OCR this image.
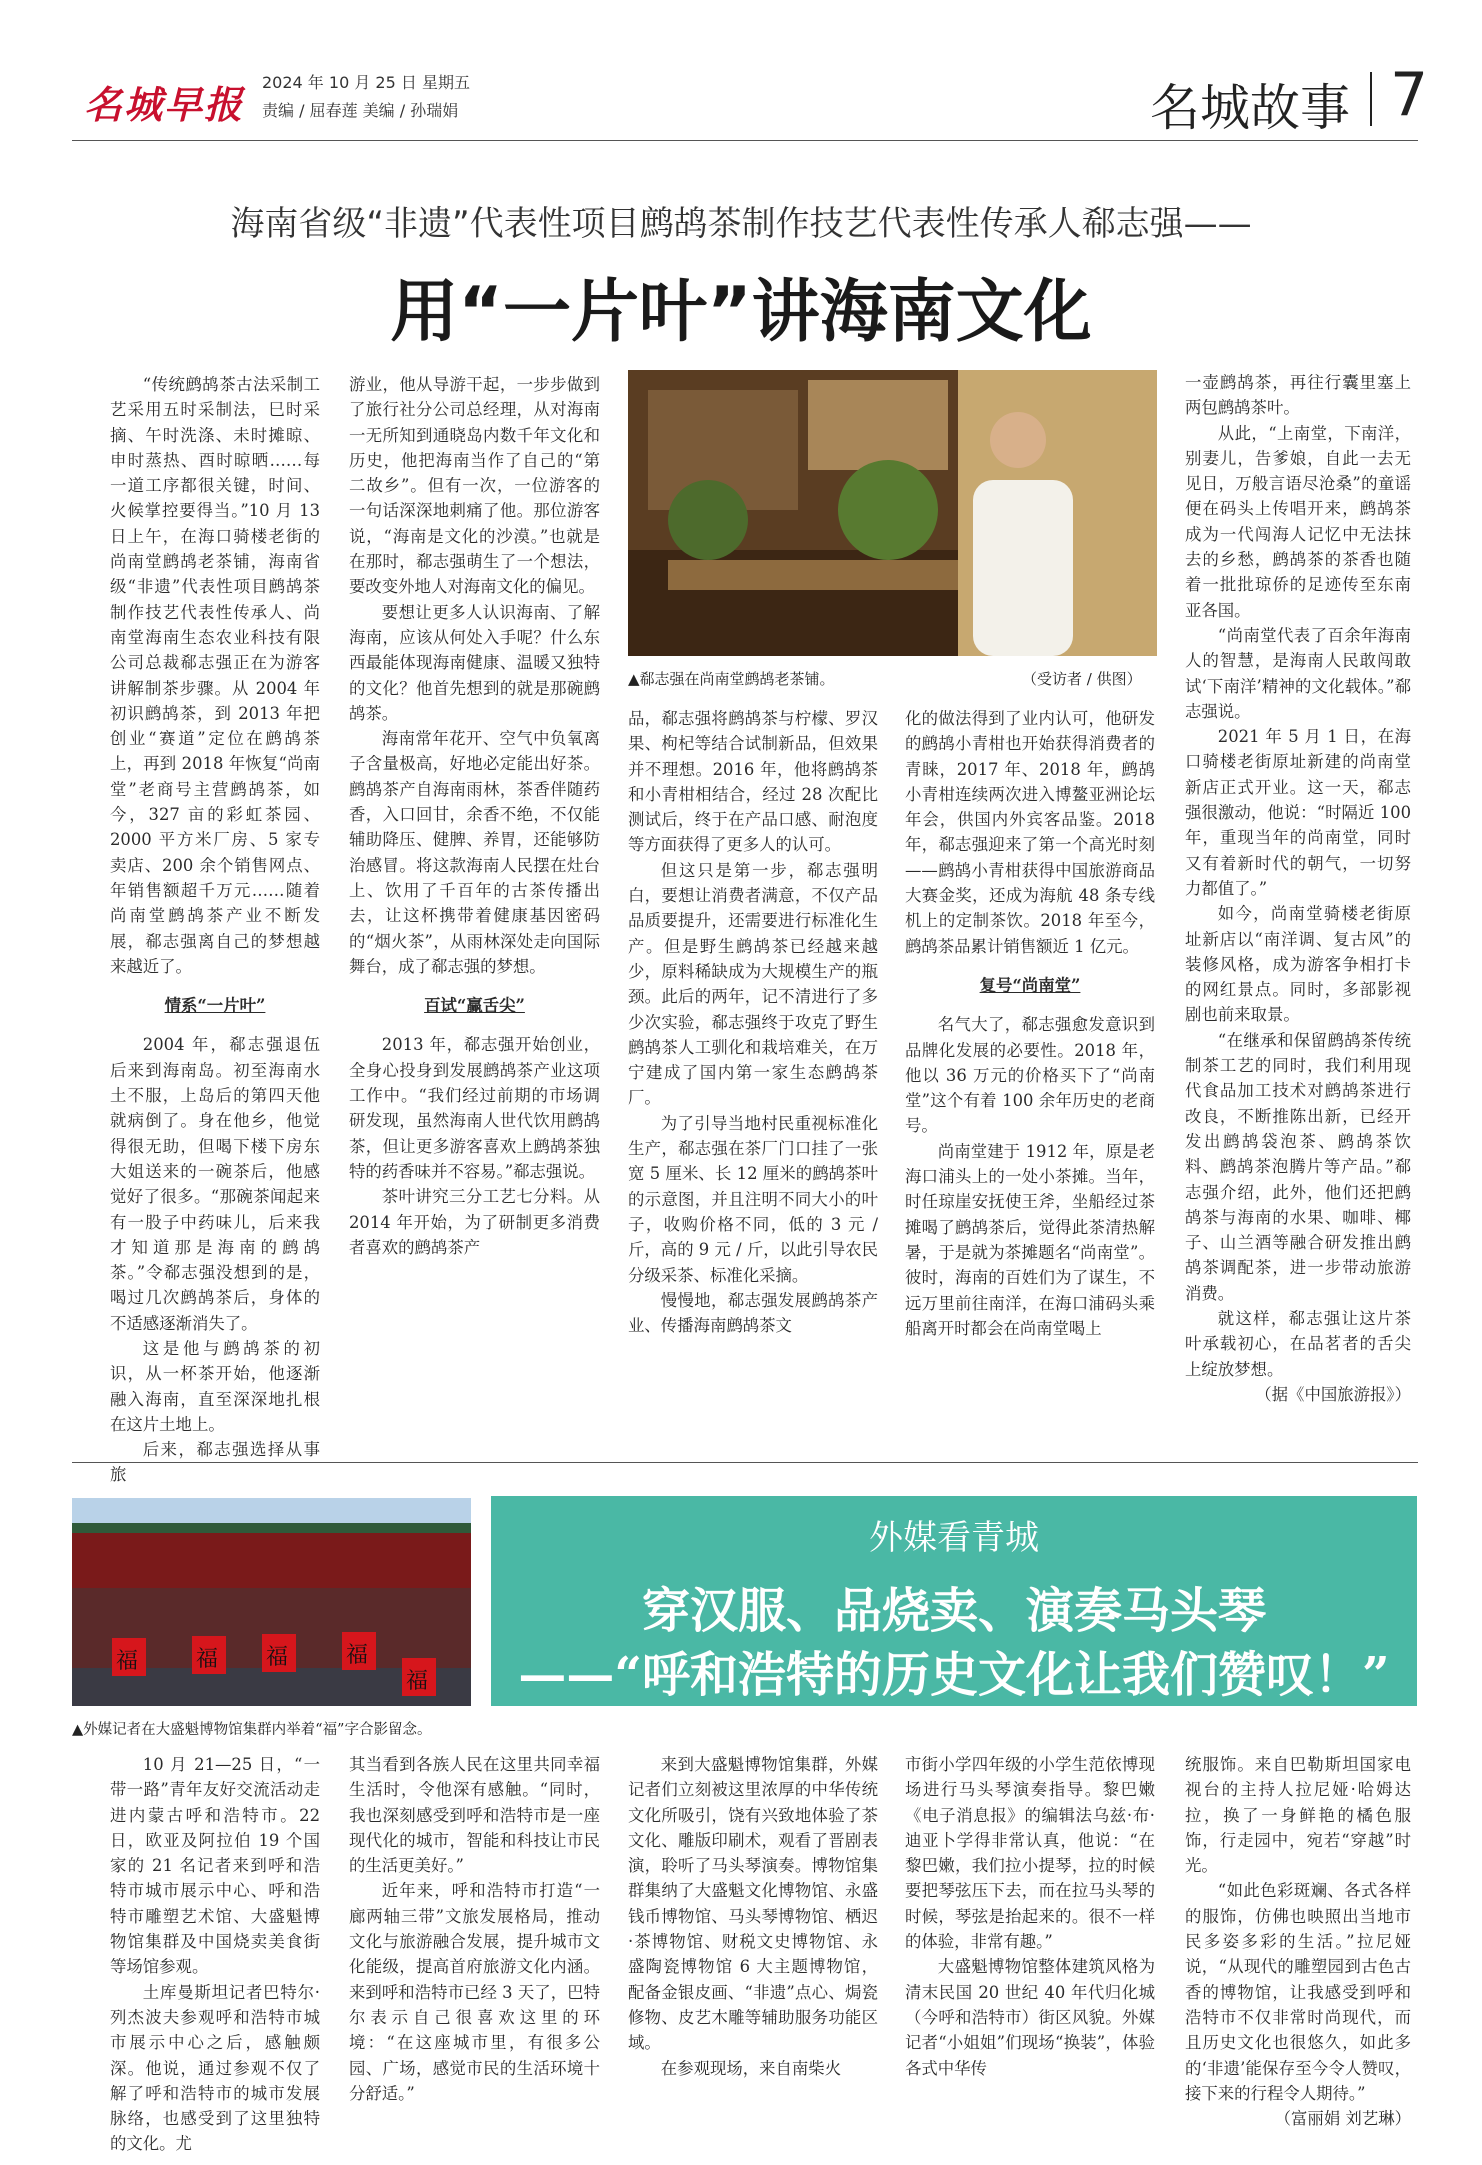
名城早报
2024 年 10 月 25 日 星期五
责编 / 屈春莲 美编 / 孙瑞娟	名城故事 7
海南省级“非遗”代表性项目鹧鸪茶制作技艺代表性传承人郗志强——
用“一片叶”讲海南文化
▲郗志强在尚南堂鹧鸪老茶铺。	（受访者 / 供图）

“传统鹧鸪茶古法采制工艺采用五时采制法，巳时采摘、午时洗涤、未时摊晾、申时蒸热、酉时晾晒……每一道工序都很关键，时间、火候掌控要得当。”10 月 13 日上午，在海口骑楼老街的尚南堂鹧鸪老茶铺，海南省级“非遗”代表性项目鹧鸪茶制作技艺代表性传承人、尚南堂海南生态农业科技有限公司总裁郗志强正在为游客讲解制茶步骤。从 2004 年初识鹧鸪茶，到 2013 年把创业“赛道”定位在鹧鸪茶上，再到 2018 年恢复“尚南堂”老商号主营鹧鸪茶，如今，327 亩的彩虹茶园、2000 平方米厂房、5 家专卖店、200 余个销售网点、年销售额超千万元……随着尚南堂鹧鸪茶产业不断发展，郗志强离自己的梦想越来越近了。

情系“一片叶”

2004 年，郗志强退伍后来到海南岛。初至海南水土不服，上岛后的第四天他就病倒了。身在他乡，他觉得很无助，但喝下楼下房东大姐送来的一碗茶后，他感觉好了很多。“那碗茶闻起来有一股子中药味儿，后来我才知道那是海南的鹧鸪茶。”令郗志强没想到的是，喝过几次鹧鸪茶后，身体的不适感逐渐消失了。

这是他与鹧鸪茶的初识，从一杯茶开始，他逐渐融入海南，直至深深地扎根在这片土地上。

后来，郗志强选择从事旅

游业，他从导游干起，一步步做到了旅行社分公司总经理，从对海南一无所知到通晓岛内数千年文化和历史，他把海南当作了自己的“第二故乡”。但有一次，一位游客的一句话深深地刺痛了他。那位游客说，“海南是文化的沙漠。”也就是在那时，郗志强萌生了一个想法，要改变外地人对海南文化的偏见。

要想让更多人认识海南、了解海南，应该从何处入手呢？什么东西最能体现海南健康、温暖又独特的文化？他首先想到的就是那碗鹧鸪茶。

海南常年花开、空气中负氧离子含量极高，好地必定能出好茶。鹧鸪茶产自海南雨林，茶香伴随药香，入口回甘，余香不绝，不仅能辅助降压、健脾、养胃，还能够防治感冒。将这款海南人民摆在灶台上、饮用了千百年的古茶传播出去，让这杯携带着健康基因密码的“烟火茶”，从雨林深处走向国际舞台，成了郗志强的梦想。

百试“赢舌尖”

2013 年，郗志强开始创业，全身心投身到发展鹧鸪茶产业这项工作中。“我们经过前期的市场调研发现，虽然海南人世代饮用鹧鸪茶，但让更多游客喜欢上鹧鸪茶独特的药香味并不容易。”郗志强说。

茶叶讲究三分工艺七分料。从 2014 年开始，为了研制更多消费者喜欢的鹧鸪茶产

品，郗志强将鹧鸪茶与柠檬、罗汉果、枸杞等结合试制新品，但效果并不理想。2016 年，他将鹧鸪茶和小青柑相结合，经过 28 次配比测试后，终于在产品口感、耐泡度等方面获得了更多人的认可。

但这只是第一步，郗志强明白，要想让消费者满意，不仅产品品质要提升，还需要进行标准化生产。但是野生鹧鸪茶已经越来越少，原料稀缺成为大规模生产的瓶颈。此后的两年，记不清进行了多少次实验，郗志强终于攻克了野生鹧鸪茶人工驯化和栽培难关，在万宁建成了国内第一家生态鹧鸪茶厂。

为了引导当地村民重视标准化生产，郗志强在茶厂门口挂了一张宽 5 厘米、长 12 厘米的鹧鸪茶叶的示意图，并且注明不同大小的叶子，收购价格不同，低的 3 元 / 斤，高的 9 元 / 斤，以此引导农民分级采茶、标准化采摘。

慢慢地，郗志强发展鹧鸪茶产业、传播海南鹧鸪茶文

化的做法得到了业内认可，他研发的鹧鸪小青柑也开始获得消费者的青睐，2017 年、2018 年，鹧鸪小青柑连续两次进入博鳌亚洲论坛年会，供国内外宾客品鉴。2018 年，郗志强迎来了第一个高光时刻——鹧鸪小青柑获得中国旅游商品大赛金奖，还成为海航 48 条专线机上的定制茶饮。2018 年至今，鹧鸪茶品累计销售额近 1 亿元。

复号“尚南堂”

名气大了，郗志强愈发意识到品牌化发展的必要性。2018 年，他以 36 万元的价格买下了“尚南堂”这个有着 100 余年历史的老商号。

尚南堂建于 1912 年，原是老海口浦头上的一处小茶摊。当年，时任琼崖安抚使王斧，坐船经过茶摊喝了鹧鸪茶后，觉得此茶清热解暑，于是就为茶摊题名“尚南堂”。彼时，海南的百姓们为了谋生，不远万里前往南洋，在海口浦码头乘船离开时都会在尚南堂喝上

一壶鹧鸪茶，再往行囊里塞上两包鹧鸪茶叶。

从此，“上南堂，下南洋，别妻儿，告爹娘，自此一去无见日，万般言语尽沧桑”的童谣便在码头上传唱开来，鹧鸪茶成为一代闯海人记忆中无法抹去的乡愁，鹧鸪茶的茶香也随着一批批琼侨的足迹传至东南亚各国。

“尚南堂代表了百余年海南人的智慧，是海南人民敢闯敢试‘下南洋’精神的文化载体。”郗志强说。

2021 年 5 月 1 日，在海口骑楼老街原址新建的尚南堂新店正式开业。这一天，郗志强很激动，他说：“时隔近 100 年，重现当年的尚南堂，同时又有着新时代的朝气，一切努力都值了。”

如今，尚南堂骑楼老街原址新店以“南洋调、复古风”的装修风格，成为游客争相打卡的网红景点。同时，多部影视剧也前来取景。

“在继承和保留鹧鸪茶传统制茶工艺的同时，我们利用现代食品加工技术对鹧鸪茶进行改良，不断推陈出新，已经开发出鹧鸪袋泡茶、鹧鸪茶饮料、鹧鸪茶泡腾片等产品。”郗志强介绍，此外，他们还把鹧鸪茶与海南的水果、咖啡、椰子、山兰酒等融合研发推出鹧鸪茶调配茶，进一步带动旅游消费。

就这样，郗志强让这片茶叶承载初心，在品茗者的舌尖上绽放梦想。

（据《中国旅游报》）

福	福 福	福
福
▲外媒记者在大盛魁博物馆集群内举着“福”字合影留念。
外媒看青城
穿汉服、品烧卖、演奏马头琴
——“呼和浩特的历史文化让我们赞叹！”

10 月 21—25 日，“一带一路”青年友好交流活动走进内蒙古呼和浩特市。22 日，欧亚及阿拉伯 19 个国家的 21 名记者来到呼和浩特市城市展示中心、呼和浩特市雕塑艺术馆、大盛魁博物馆集群及中国烧卖美食街等场馆参观。

土库曼斯坦记者巴特尔·列杰波夫参观呼和浩特市城市展示中心之后，感触颇深。他说，通过参观不仅了解了呼和浩特市的城市发展脉络，也感受到了这里独特的文化。尤

其当看到各族人民在这里共同幸福生活时，令他深有感触。“同时，我也深刻感受到呼和浩特市是一座现代化的城市，智能和科技让市民的生活更美好。”

近年来，呼和浩特市打造“一廊两轴三带”文旅发展格局，推动文化与旅游融合发展，提升城市文化能级，提高首府旅游文化内涵。来到呼和浩特市已经 3 天了，巴特尔表示自己很喜欢这里的环境：“在这座城市里，有很多公园、广场，感觉市民的生活环境十分舒适。”

来到大盛魁博物馆集群，外媒记者们立刻被这里浓厚的中华传统文化所吸引，饶有兴致地体验了茶文化、雕版印刷术，观看了晋剧表演，聆听了马头琴演奏。博物馆集群集纳了大盛魁文化博物馆、永盛钱币博物馆、马头琴博物馆、栖迟·茶博物馆、财税文史博物馆、永盛陶瓷博物馆 6 大主题博物馆，配备金银皮画、“非遗”点心、焗瓷修物、皮艺木雕等辅助服务功能区域。

在参观现场，来自南柴火

市街小学四年级的小学生范依博现场进行马头琴演奏指导。黎巴嫩《电子消息报》的编辑法乌兹·布·迪亚卜学得非常认真，他说：“在黎巴嫩，我们拉小提琴，拉的时候要把琴弦压下去，而在拉马头琴的时候，琴弦是抬起来的。很不一样的体验，非常有趣。”

大盛魁博物馆整体建筑风格为清末民国 20 世纪 40 年代归化城（今呼和浩特市）街区风貌。外媒记者“小姐姐”们现场“换装”，体验各式中华传

统服饰。来自巴勒斯坦国家电视台的主持人拉尼娅·哈姆达拉，换了一身鲜艳的橘色服饰，行走园中，宛若“穿越”时光。

“如此色彩斑斓、各式各样的服饰，仿佛也映照出当地市民多姿多彩的生活。”拉尼娅说，“从现代的雕塑园到古色古香的博物馆，让我感受到呼和浩特市不仅非常时尚现代，而且历史文化也很悠久，如此多的‘非遗’能保存至今令人赞叹，接下来的行程令人期待。”

（富丽娟 刘艺琳）
